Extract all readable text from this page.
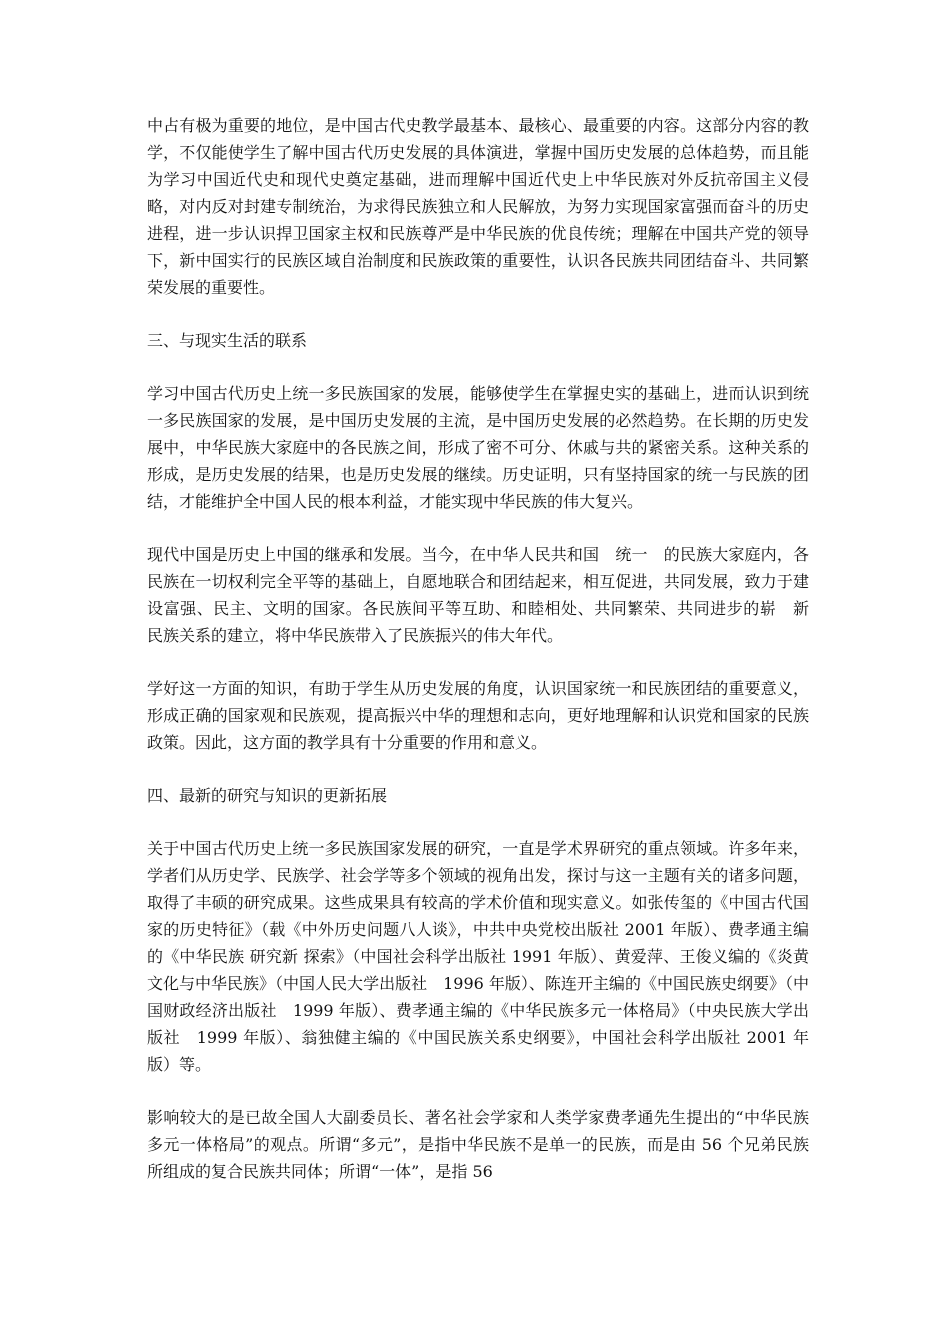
中占有极为重要的地位，是中国古代史教学最基本、最核心、最重要的内容。这部分内容的教学，不仅能使学生了解中国古代历史发展的具体演进，掌握中国历史发展的总体趋势，而且能为学习中国近代史和现代史奠定基础，进而理解中国近代史上中华民族对外反抗帝国主义侵略，对内反对封建专制统治，为求得民族独立和人民解放，为努力实现国家富强而奋斗的历史进程，进一步认识捍卫国家主权和民族尊严是中华民族的优良传统；理解在中国共产党的领导下，新中国实行的民族区域自治制度和民族政策的重要性，认识各民族共同团结奋斗、共同繁荣发展的重要性。

三、与现实生活的联系

学习中国古代历史上统一多民族国家的发展，能够使学生在掌握史实的基础上，进而认识到统一多民族国家的发展，是中国历史发展的主流，是中国历史发展的必然趋势。在长期的历史发展中，中华民族大家庭中的各民族之间，形成了密不可分、休戚与共的紧密关系。这种关系的形成，是历史发展的结果，也是历史发展的继续。历史证明，只有坚持国家的统一与民族的团结，才能维护全中国人民的根本利益，才能实现中华民族的伟大复兴。

现代中国是历史上中国的继承和发展。当今，在中华人民共和国　统一　的民族大家庭内，各民族在一切权利完全平等的基础上，自愿地联合和团结起来，相互促进，共同发展，致力于建设富强、民主、文明的国家。各民族间平等互助、和睦相处、共同繁荣、共同进步的崭　新　民族关系的建立，将中华民族带入了民族振兴的伟大年代。

学好这一方面的知识，有助于学生从历史发展的角度，认识国家统一和民族团结的重要意义，形成正确的国家观和民族观，提高振兴中华的理想和志向，更好地理解和认识党和国家的民族政策。因此，这方面的教学具有十分重要的作用和意义。

四、最新的研究与知识的更新拓展

关于中国古代历史上统一多民族国家发展的研究，一直是学术界研究的重点领域。许多年来，学者们从历史学、民族学、社会学等多个领域的视角出发，探讨与这一主题有关的诸多问题，取得了丰硕的研究成果。这些成果具有较高的学术价值和现实意义。如张传玺的《中国古代国家的历史特征》（载《中外历史问题八人谈》，中共中央党校出版社 2001 年版）、费孝通主编的《中华民族 研究新 探索》（中国社会科学出版社 1991 年版）、黄爱萍、王俊义编的《炎黄文化与中华民族》（中国人民大学出版社　1996 年版）、陈连开主编的《中国民族史纲要》（中国财政经济出版社　1999 年版）、费孝通主编的《中华民族多元一体格局》（中央民族大学出版社　1999 年版）、翁独健主编的《中国民族关系史纲要》，中国社会科学出版社 2001 年版）等。

影响较大的是已故全国人大副委员长、著名社会学家和人类学家费孝通先生提出的“中华民族多元一体格局”的观点。所谓“多元”，是指中华民族不是单一的民族，而是由 56 个兄弟民族所组成的复合民族共同体；所谓“一体”，是指 56
